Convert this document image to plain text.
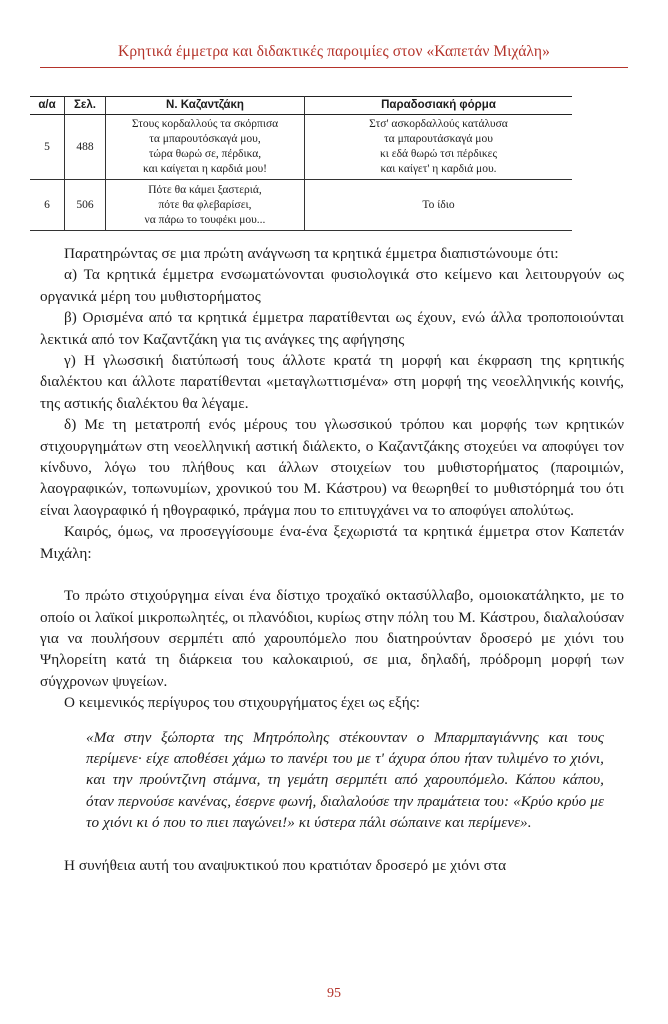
Κρητικά έμμετρα και διδακτικές παροιμίες στον «Καπετάν Μιχάλη»
α/α	Σελ.	Ν. Καζαντζάκη	Παραδοσιακή φόρμα
5	488	Στους κορδαλλούς τα σκόρπισα
τα μπαρουτόσκαγά μου,
τώρα θωρώ σε, πέρδικα,
και καίγεται η καρδιά μου!	Στσ' ασκορδαλλούς κατάλυσα
τα μπαρουτάσκαγά μου
κι εδά θωρώ τσι πέρδικες
και καίγετ' η καρδιά μου.

6	506	Πότε θα κάμει ξαστεριά,
πότε θα φλεβαρίσει,
να πάρω το τουφέκι μου...	Το ίδιο

Παρατηρώντας σε μια πρώτη ανάγνωση τα κρητικά έμμετρα διαπιστώνουμε ότι:

α) Τα κρητικά έμμετρα ενσωματώνονται φυσιολογικά στο κείμενο και λειτουργούν ως οργανικά μέρη του μυθιστορήματος

β) Ορισμένα από τα κρητικά έμμετρα παρατίθενται ως έχουν, ενώ άλλα τροποποιούνται λεκτικά από τον Καζαντζάκη για τις ανάγκες της αφήγησης

γ) Η γλωσσική διατύπωσή τους άλλοτε κρατά τη μορφή και έκφραση της κρητικής διαλέκτου και άλλοτε παρατίθενται «μεταγλωττισμένα» στη μορφή της νεοελληνικής κοινής, της αστικής διαλέκτου θα λέγαμε.

δ) Με τη μετατροπή ενός μέρους του γλωσσικού τρόπου και μορφής των κρητικών στιχουργημάτων στη νεοελληνική αστική διάλεκτο, ο Καζαντζάκης στοχεύει να αποφύγει τον κίνδυνο, λόγω του πλήθους και άλλων στοιχείων του μυθιστορήματος (παροιμιών, λαογραφικών, τοπωνυμίων, χρονικού του Μ. Κάστρου) να θεωρηθεί το μυθιστόρημά του ότι είναι λαογραφικό ή ηθογραφικό, πράγμα που το επιτυγχάνει να το αποφύγει απολύτως.

Καιρός, όμως, να προσεγγίσουμε ένα-ένα ξεχωριστά τα κρητικά έμμετρα στον Καπετάν Μιχάλη:

Το πρώτο στιχούργημα είναι ένα δίστιχο τροχαϊκό οκτασύλλαβο, ομοιοκατάληκτο, με το οποίο οι λαϊκοί μικροπωλητές, οι πλανόδιοι, κυρίως στην πόλη του Μ. Κάστρου, διαλαλούσαν για να πουλήσουν σερμπέτι από χαρουπόμελο που διατηρούνταν δροσερό με χιόνι του Ψηλορείτη κατά τη διάρκεια του καλοκαιριού, σε μια, δηλαδή, πρόδρομη μορφή των σύγχρονων ψυγείων.

Ο κειμενικός περίγυρος του στιχουργήματος έχει ως εξής:

«Μα στην ξώπορτα της Μητρόπολης στέκουνταν ο Μπαρμπαγιάννης και τους περίμενε· είχε αποθέσει χάμω το πανέρι του με τ' άχυρα όπου ήταν τυλιμένο το χιόνι, και την προύντζινη στάμνα, τη γεμάτη σερμπέτι από χαρουπόμελο. Κάπου κάπου, όταν περνούσε κανένας, έσερνε φωνή, διαλαλούσε την πραμάτεια του: «Κρύο κρύο με το χιόνι κι ό που το πιει παγώνει!» κι ύστερα πάλι σώπαινε και περίμενε».

Η συνήθεια αυτή του αναψυκτικού που κρατιόταν δροσερό με χιόνι στα

95
